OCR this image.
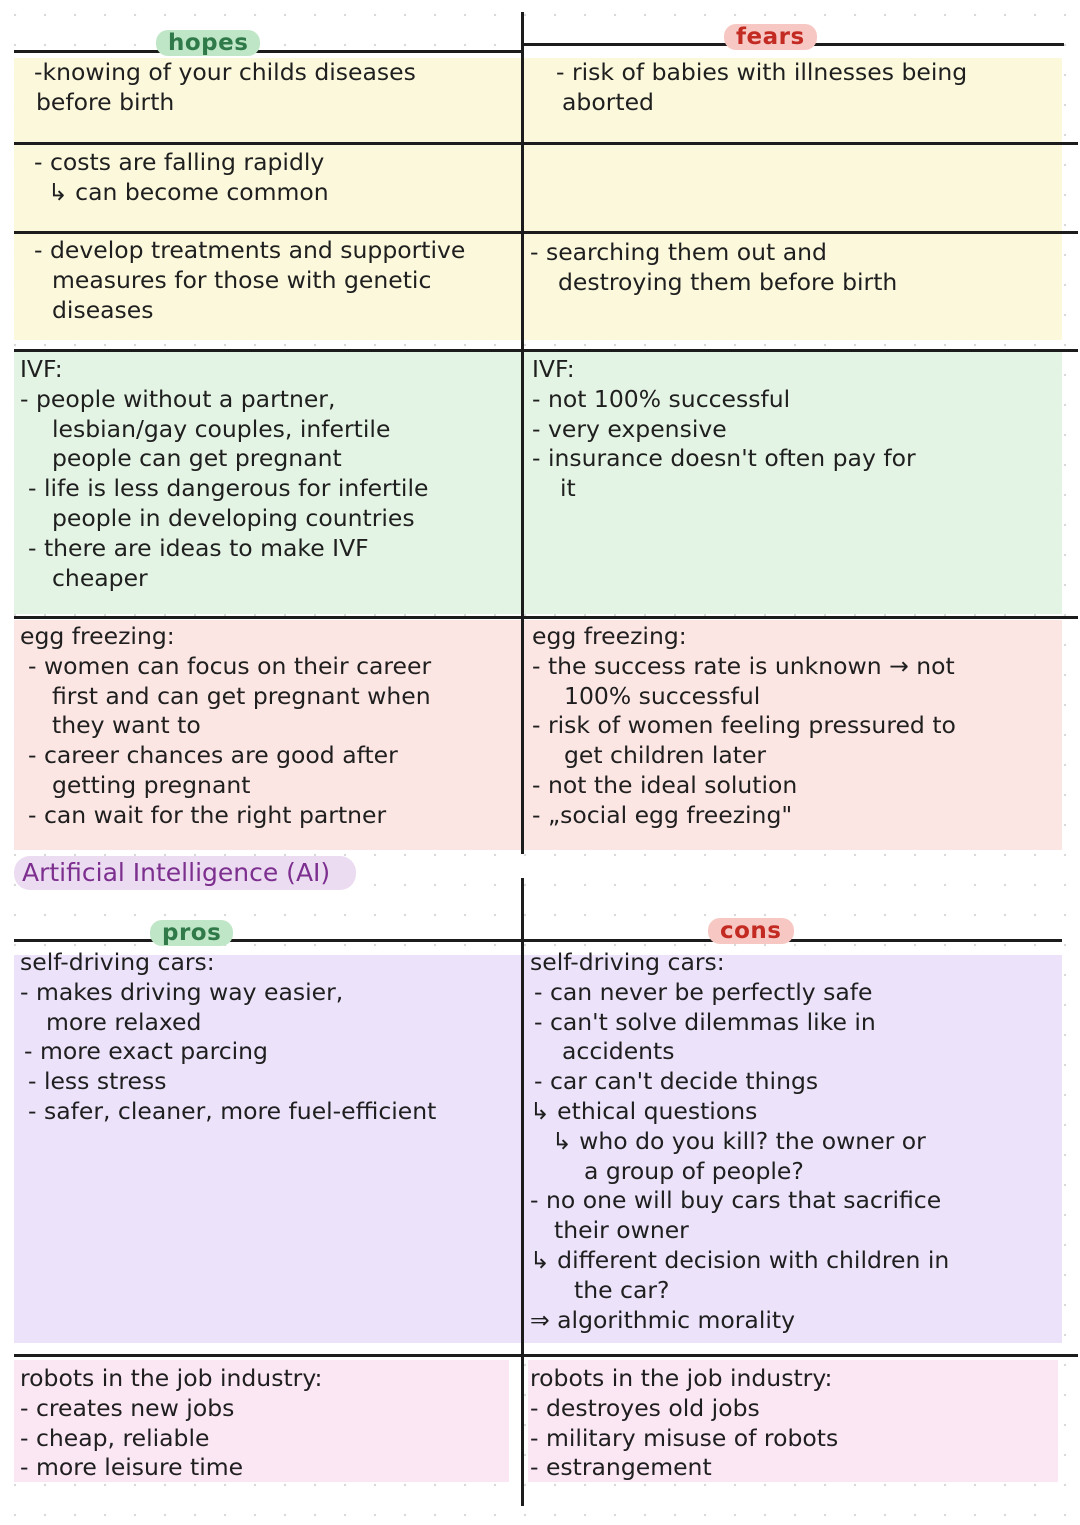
hopes	fears
Artificial Intelligence (AI)
pros	cons
-knowing of your childs diseases
before birth
- risk of babies with illnesses being
aborted
- costs are falling rapidly
↳ can become common
- develop treatments and supportive
measures for those with genetic
diseases
- searching them out and
destroying them before birth
IVF:
- people without a partner,
lesbian/gay couples, infertile
people can get pregnant
- life is less dangerous for infertile
people in developing countries
- there are ideas to make IVF
cheaper
IVF:
- not 100% successful
- very expensive
- insurance doesn't often pay for
it
egg freezing:
- women can focus on their career
first and can get pregnant when
they want to
- career chances are good after
getting pregnant
- can wait for the right partner
egg freezing:
- the success rate is unknown → not
100% successful
- risk of women feeling pressured to
get children later
- not the ideal solution
- „social egg freezing"
self-driving cars:
- makes driving way easier,
more relaxed
- more exact parcing
- less stress
- safer, cleaner, more fuel-efficient
self-driving cars:
- can never be perfectly safe
- can't solve dilemmas like in
accidents
- car can't decide things
↳ ethical questions
↳ who do you kill? the owner or
a group of people?
- no one will buy cars that sacrifice
their owner
↳ different decision with children in
the car?
⇒ algorithmic morality
robots in the job industry:
- creates new jobs
- cheap, reliable
- more leisure time
robots in the job industry:
- destroyes old jobs
- military misuse of robots
- estrangement
